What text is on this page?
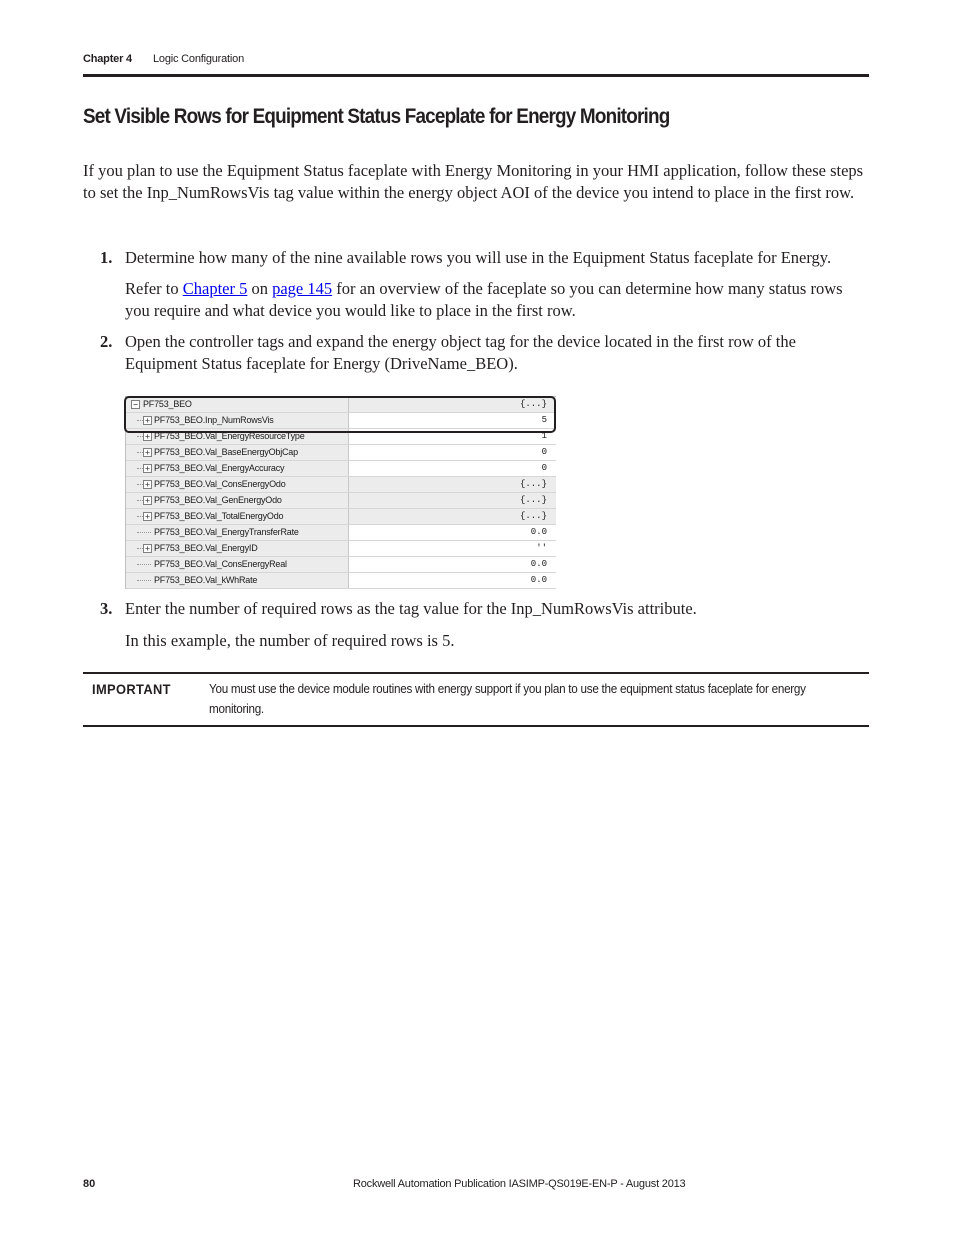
Chapter 4 Logic Configuration
Set Visible Rows for Equipment Status Faceplate for Energy Monitoring
If you plan to use the Equipment Status faceplate with Energy Monitoring in your HMI application, follow these steps to set the Inp_NumRowsVis tag value within the energy object AOI of the device you intend to place in the first row.
1. Determine how many of the nine available rows you will use in the Equipment Status faceplate for Energy.
Refer to Chapter 5 on page 145 for an overview of the faceplate so you can determine how many status rows you require and what device you would like to place in the first row.
2. Open the controller tags and expand the energy object tag for the device located in the first row of the Equipment Status faceplate for Energy (DriveName_BEO).
− PF753_BEO	{...}
+ PF753_BEO.Inp_NumRowsVis	5
+ PF753_BEO.Val_EnergyResourceType	1
+ PF753_BEO.Val_BaseEnergyObjCap	0
+ PF753_BEO.Val_EnergyAccuracy	0
+ PF753_BEO.Val_ConsEnergyOdo	{...}
+ PF753_BEO.Val_GenEnergyOdo	{...}
+ PF753_BEO.Val_TotalEnergyOdo	{...}
PF753_BEO.Val_EnergyTransferRate	0.0
+ PF753_BEO.Val_EnergyID	''
PF753_BEO.Val_ConsEnergyReal	0.0
PF753_BEO.Val_kWhRate	0.0
3. Enter the number of required rows as the tag value for the Inp_NumRowsVis attribute.
In this example, the number of required rows is 5.
IMPORTANT	You must use the device module routines with energy support if you plan to use the equipment status faceplate for energy monitoring.
80	Rockwell Automation Publication IASIMP-QS019E-EN-P - August 2013
